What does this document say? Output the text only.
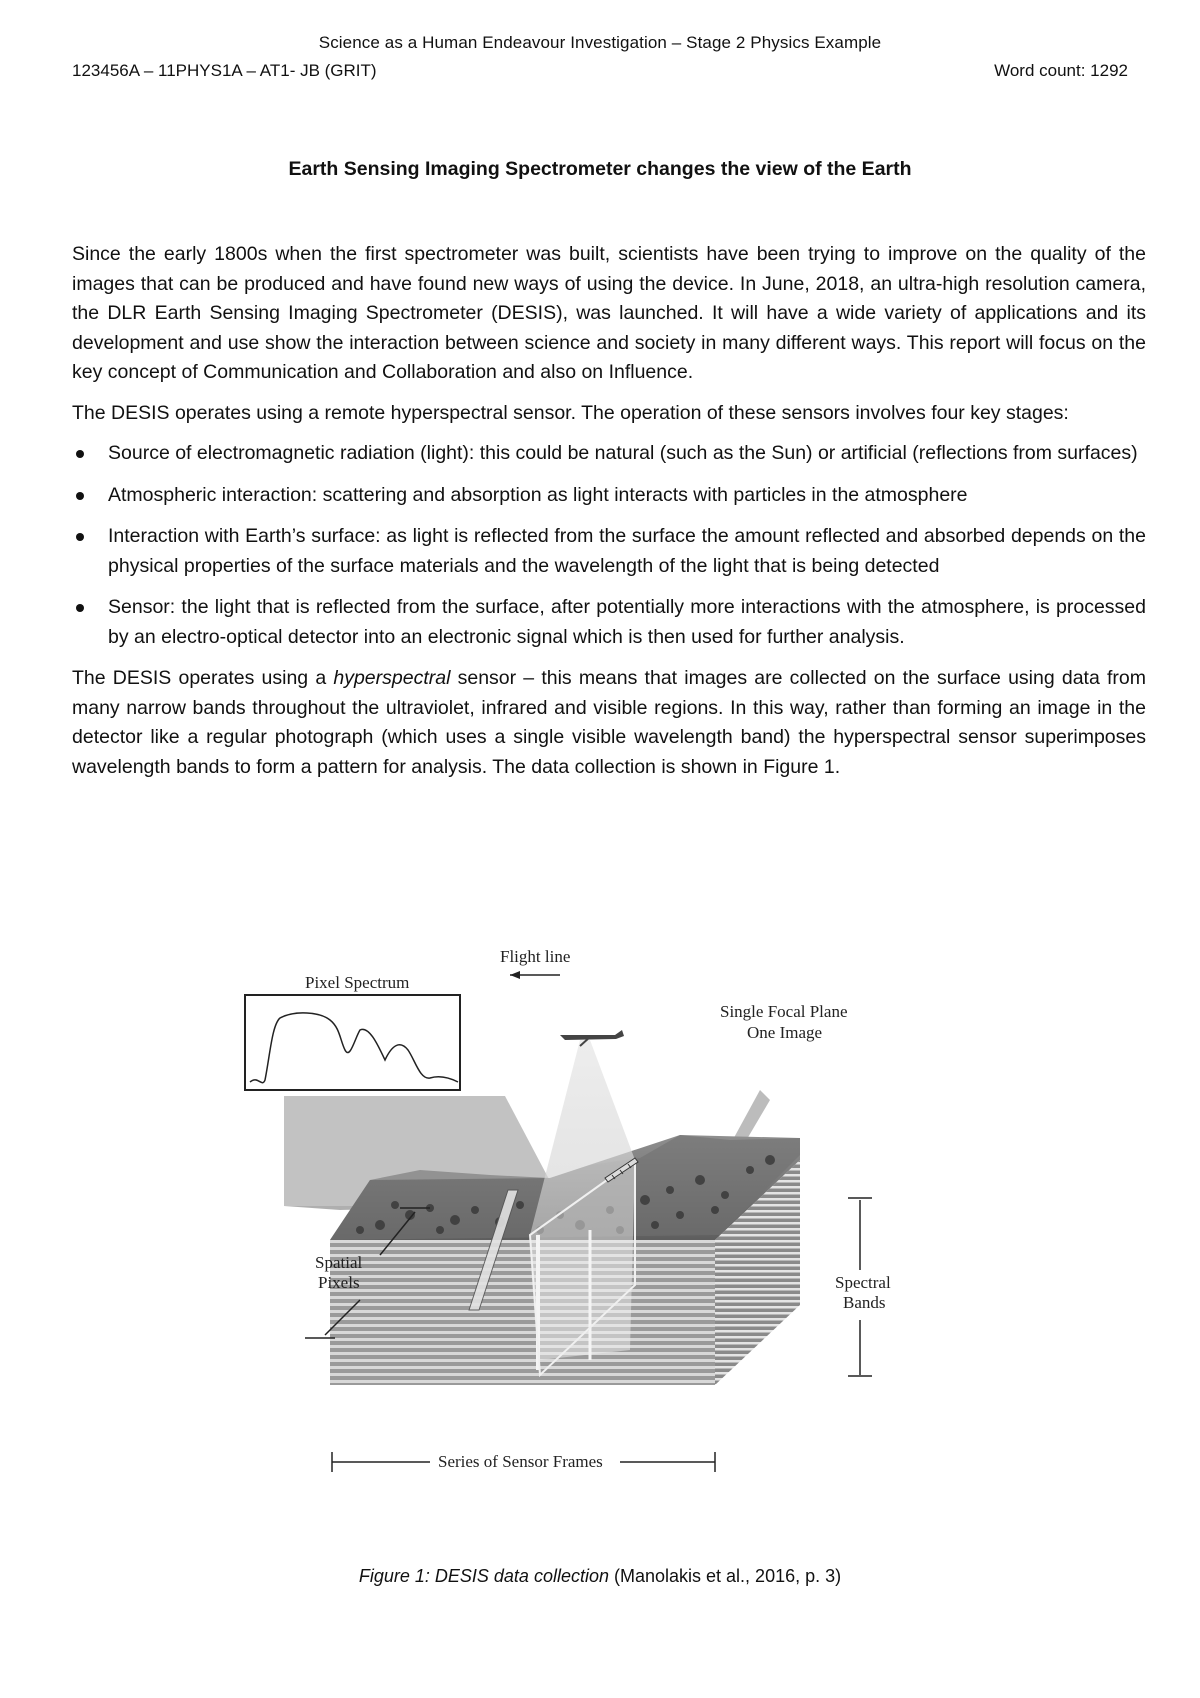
Science as a Human Endeavour Investigation – Stage 2 Physics Example
123456A – 11PHYS1A – AT1- JB (GRIT)	Word count: 1292
Earth Sensing Imaging Spectrometer changes the view of the Earth

Since the early 1800s when the first spectrometer was built, scientists have been trying to improve on the quality of the images that can be produced and have found new ways of using the device. In June, 2018, an ultra-high resolution camera, the DLR Earth Sensing Imaging Spectrometer (DESIS), was launched. It will have a wide variety of applications and its development and use show the interaction between science and society in many different ways. This report will focus on the key concept of Communication and Collaboration and also on Influence.

The DESIS operates using a remote hyperspectral sensor. The operation of these sensors involves four key stages:

Source of electromagnetic radiation (light): this could be natural (such as the Sun) or artificial (reflections from surfaces)
Atmospheric interaction: scattering and absorption as light interacts with particles in the atmosphere
Interaction with Earth’s surface: as light is reflected from the surface the amount reflected and absorbed depends on the physical properties of the surface materials and the wavelength of the light that is being detected
Sensor: the light that is reflected from the surface, after potentially more interactions with the atmosphere, is processed by an electro-optical detector into an electronic signal which is then used for further analysis.

The DESIS operates using a hyperspectral sensor – this means that images are collected on the surface using data from many narrow bands throughout the ultraviolet, infrared and visible regions. In this way, rather than forming an image in the detector like a regular photograph (which uses a single visible wavelength band) the hyperspectral sensor superimposes wavelength bands to form a pattern for analysis. The data collection is shown in Figure 1.

Pixel Spectrum
Flight line
Single Focal Plane
One Image
Spatial
Pixels	Spectral
Bands
Series of Sensor Frames
Figure 1: DESIS data collection (Manolakis et al., 2016, p. 3)
